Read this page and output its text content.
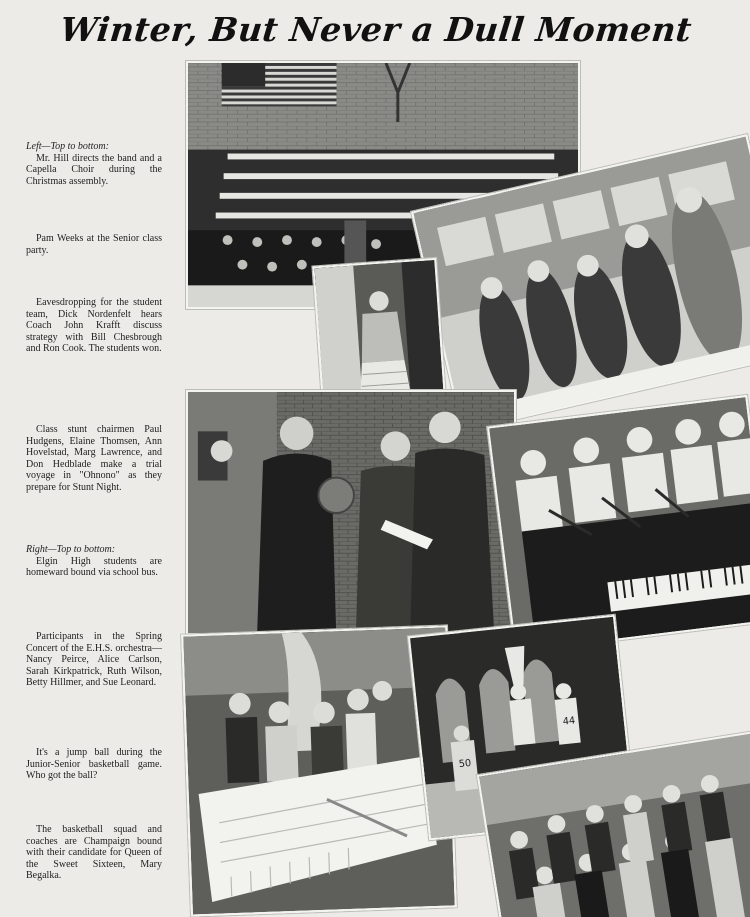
Winter, But Never a Dull Moment
Left—Top to bottom:
Mr. Hill directs the band and a Capella Choir during the Christmas assembly.
Pam Weeks at the Senior class party.
Eavesdropping for the student team, Dick Nordenfelt hears Coach John Krafft discuss strategy with Bill Chesbrough and Ron Cook. The students won.
Class stunt chairmen Paul Hudgens, Elaine Thomsen, Ann Hovelstad, Marg Lawrence, and Don Hedblade make a trial voyage in "Ohnono" as they prepare for Stunt Night.
Right—Top to bottom:
Elgin High students are homeward bound via school bus.
Participants in the Spring Concert of the E.H.S. orchestra—Nancy Peirce, Alice Carlson, Sarah Kirkpatrick, Ruth Wilson, Betty Hillmer, and Sue Leonard.
It's a jump ball during the Junior-Senior basketball game. Who got the ball?
The basketball squad and coaches are Champaign bound with their candidate for Queen of the Sweet Sixteen, Mary Begalka.
50
44
